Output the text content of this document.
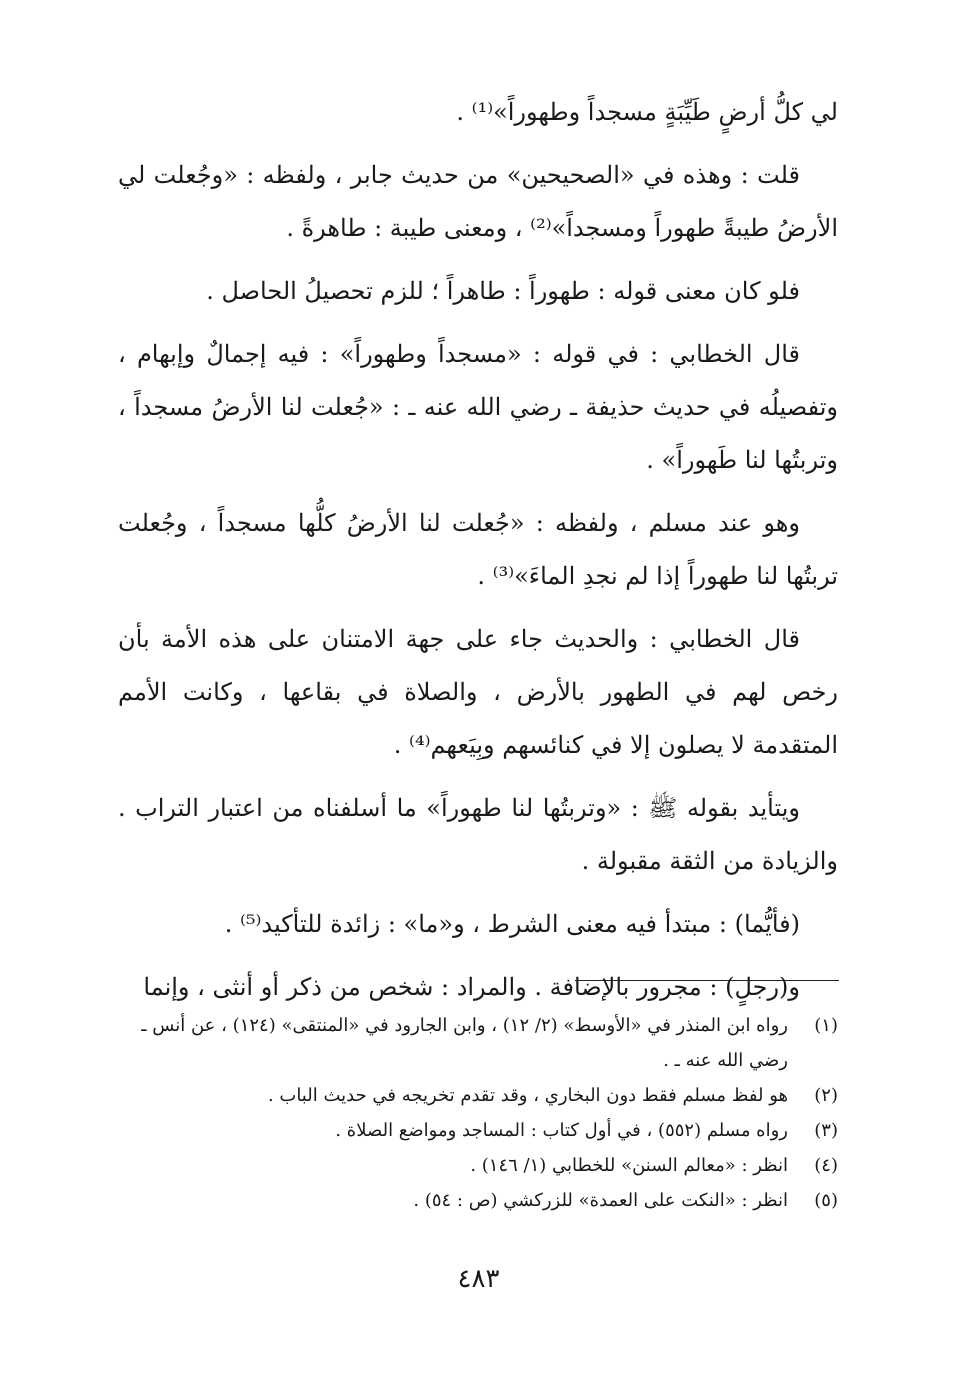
لي كلُّ أرضٍ طَيِّبَةٍ مسجداً وطهوراً»⁽¹⁾ .

قلت : وهذه في «الصحيحين» من حديث جابر ، ولفظه : «وجُعلت لي الأرضُ طيبةً طهوراً ومسجداً»⁽²⁾ ، ومعنى طيبة : طاهرةً .

فلو كان معنى قوله : طهوراً : طاهراً ؛ للزم تحصيلُ الحاصل .

قال الخطابي : في قوله : «مسجداً وطهوراً» : فيه إجمالٌ وإبهام ، وتفصيلُه في حديث حذيفة ـ رضي الله عنه ـ : «جُعلت لنا الأرضُ مسجداً ، وتربتُها لنا طَهوراً» .

وهو عند مسلم ، ولفظه : «جُعلت لنا الأرضُ كلُّها مسجداً ، وجُعلت تربتُها لنا طهوراً إذا لم نجدِ الماءَ»⁽³⁾ .

قال الخطابي : والحديث جاء على جهة الامتنان على هذه الأمة بأن رخص لهم في الطهور بالأرض ، والصلاة في بقاعها ، وكانت الأمم المتقدمة لا يصلون إلا في كنائسهم وبِيَعهم⁽⁴⁾ .

ويتأيد بقوله ﷺ : «وتربتُها لنا طهوراً» ما أسلفناه من اعتبار التراب . والزيادة من الثقة مقبولة .

(فأيُّما) : مبتدأ فيه معنى الشرط ، و«ما» : زائدة للتأكيد⁽⁵⁾ .

و(رجلٍ) : مجرور بالإضافة . والمراد : شخص من ذكر أو أنثى ، وإنما

(١)
رواه ابن المنذر في «الأوسط» (٢/ ١٢) ، وابن الجارود في «المنتقى» (١٢٤) ، عن أنس ـ رضي الله عنه ـ .
(٢)
هو لفظ مسلم فقط دون البخاري ، وقد تقدم تخريجه في حديث الباب .
(٣)
رواه مسلم (٥٥٢) ، في أول كتاب : المساجد ومواضع الصلاة .
(٤)
انظر : «معالم السنن» للخطابي (١/ ١٤٦) .
(٥)
انظر : «النكت على العمدة» للزركشي (ص : ٥٤) .
٤٨٣
